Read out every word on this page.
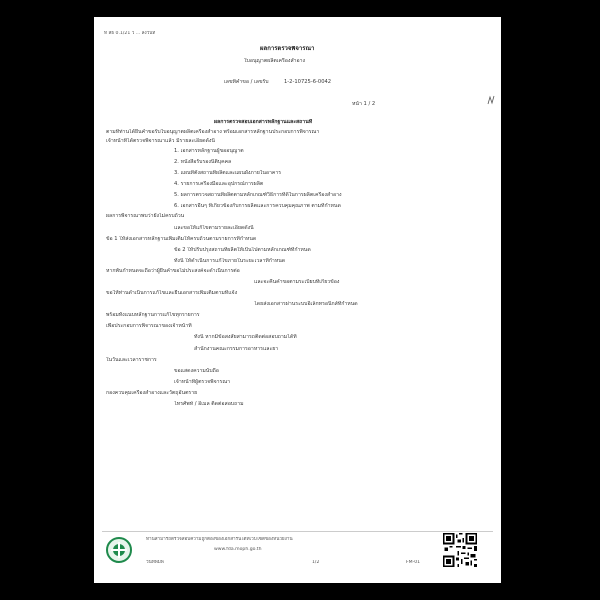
ที่ สธ 0.1/21 ว ... ลงวันที่
ผลการตรวจพิจารณา
ใบอนุญาตผลิตเครื่องสำอาง
เลขที่คำขอ / เลขรับ	1-2-10725-6-0042
หน้า 1 / 2
ผลการตรวจสอบเอกสารหลักฐานและสถานที่
ตามที่ท่านได้ยื่นคำขอรับใบอนุญาตผลิตเครื่องสำอาง พร้อมเอกสารหลักฐานประกอบการพิจารณา
เจ้าหน้าที่ได้ตรวจพิจารณาแล้ว มีรายละเอียดดังนี้
1. เอกสารหลักฐานผู้ขออนุญาต
2. หนังสือรับรองนิติบุคคล
3. แผนที่ตั้งสถานที่ผลิตและแผนผังภายในอาคาร
4. รายการเครื่องมือและอุปกรณ์การผลิต
5. ผลการตรวจสถานที่ผลิตตามหลักเกณฑ์วิธีการที่ดีในการผลิตเครื่องสำอาง
6. เอกสารอื่นๆ ที่เกี่ยวข้องกับการผลิตและการควบคุมคุณภาพ ตามที่กำหนด
ผลการพิจารณาพบว่ายังไม่ครบถ้วน
และขอให้แก้ไขตามรายละเอียดดังนี้
ข้อ 1 ให้ส่งเอกสารหลักฐานเพิ่มเติมให้ครบถ้วนตามรายการที่กำหนด
ข้อ 2 ให้ปรับปรุงสถานที่ผลิตให้เป็นไปตามหลักเกณฑ์ที่กำหนด
ทั้งนี้ ให้ดำเนินการแก้ไขภายในระยะเวลาที่กำหนด
หากพ้นกำหนดจะถือว่าผู้ยื่นคำขอไม่ประสงค์จะดำเนินการต่อ
และจะคืนคำขอตามระเบียบที่เกี่ยวข้อง
ขอให้ท่านดำเนินการแก้ไขและยื่นเอกสารเพิ่มเติมตามที่แจ้ง
โดยส่งเอกสารผ่านระบบอิเล็กทรอนิกส์ที่กำหนด
พร้อมทั้งแนบหลักฐานการแก้ไขทุกรายการ
เพื่อประกอบการพิจารณาของเจ้าหน้าที่
ทั้งนี้ หากมีข้อสงสัยสามารถติดต่อสอบถามได้ที่
สำนักงานคณะกรรมการอาหารและยา
ในวันและเวลาราชการ
ขอแสดงความนับถือ
เจ้าหน้าที่ผู้ตรวจพิจารณา
กองควบคุมเครื่องสำอางและวัตถุอันตราย
โทรศัพท์ / อีเมล ติดต่อสอบถาม
ท่านสามารถตรวจสอบความถูกต้องของเอกสารนี้ได้ที่เว็บไซต์ของหน่วยงาน
www.fda.moph.go.th
วันที่พิมพ์	1/2	FM-01
